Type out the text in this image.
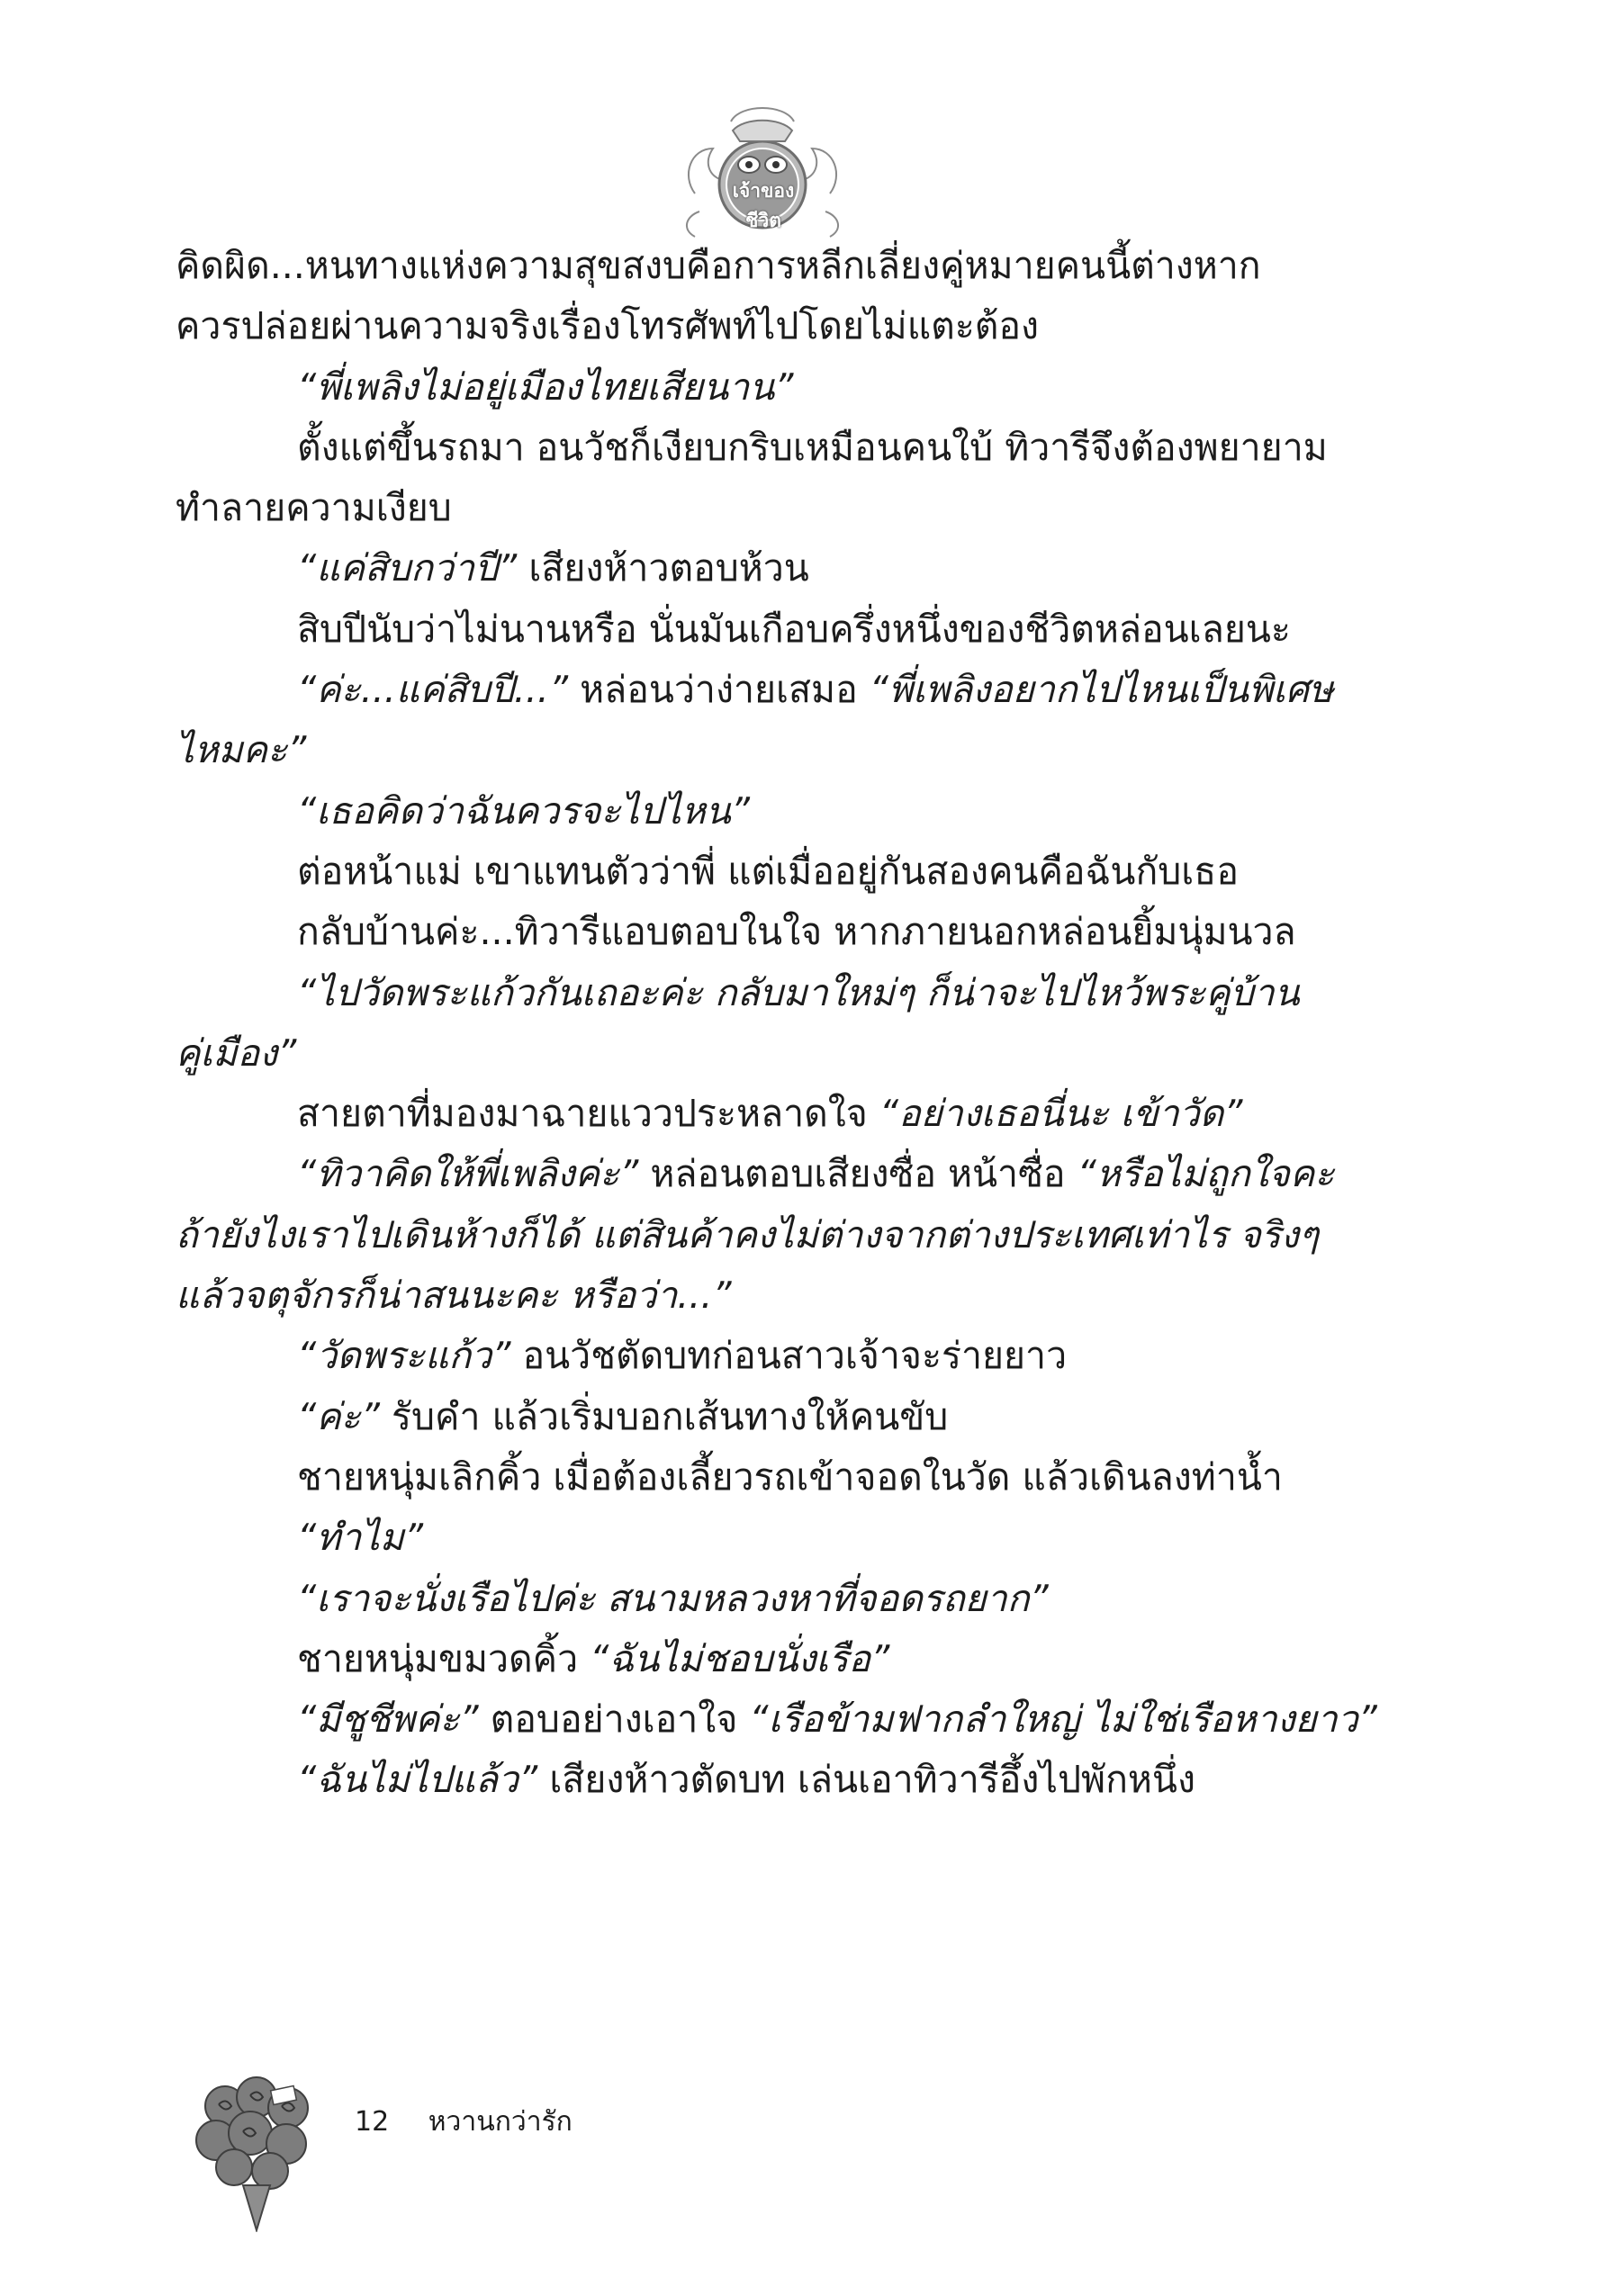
เจ้าของชีวิต

คิดผิด...หนทางแห่งความสุขสงบคือการหลีกเลี่ยงคู่หมายคนนี้ต่างหาก

ควรปล่อยผ่านความจริงเรื่องโทรศัพท์ไปโดยไม่แตะต้อง

“พี่เพลิงไม่อยู่เมืองไทยเสียนาน”

ตั้งแต่ขึ้นรถมา อนวัชก็เงียบกริบเหมือนคนใบ้ ทิวารีจึงต้องพยายาม

ทำลายความเงียบ

“แค่สิบกว่าปี” เสียงห้าวตอบห้วน

สิบปีนับว่าไม่นานหรือ นั่นมันเกือบครึ่งหนึ่งของชีวิตหล่อนเลยนะ

“ค่ะ...แค่สิบปี...” หล่อนว่าง่ายเสมอ “พี่เพลิงอยากไปไหนเป็นพิเศษ

ไหมคะ”

“เธอคิดว่าฉันควรจะไปไหน”

ต่อหน้าแม่ เขาแทนตัวว่าพี่ แต่เมื่ออยู่กันสองคนคือฉันกับเธอ

กลับบ้านค่ะ...ทิวารีแอบตอบในใจ หากภายนอกหล่อนยิ้มนุ่มนวล

“ไปวัดพระแก้วกันเถอะค่ะ กลับมาใหม่ๆ ก็น่าจะไปไหว้พระคู่บ้าน

คู่เมือง”

สายตาที่มองมาฉายแววประหลาดใจ “อย่างเธอนี่นะ เข้าวัด”

“ทิวาคิดให้พี่เพลิงค่ะ” หล่อนตอบเสียงซื่อ หน้าซื่อ “หรือไม่ถูกใจคะ

ถ้ายังไงเราไปเดินห้างก็ได้ แต่สินค้าคงไม่ต่างจากต่างประเทศเท่าไร จริงๆ

แล้วจตุจักรก็น่าสนนะคะ หรือว่า...”

“วัดพระแก้ว” อนวัชตัดบทก่อนสาวเจ้าจะร่ายยาว

“ค่ะ” รับคำ แล้วเริ่มบอกเส้นทางให้คนขับ

ชายหนุ่มเลิกคิ้ว เมื่อต้องเลี้ยวรถเข้าจอดในวัด แล้วเดินลงท่าน้ำ

“ทำไม”

“เราจะนั่งเรือไปค่ะ สนามหลวงหาที่จอดรถยาก”

ชายหนุ่มขมวดคิ้ว “ฉันไม่ชอบนั่งเรือ”

“มีชูชีพค่ะ” ตอบอย่างเอาใจ “เรือข้ามฟากลำใหญ่ ไม่ใช่เรือหางยาว”

“ฉันไม่ไปแล้ว” เสียงห้าวตัดบท เล่นเอาทิวารีอึ้งไปพักหนึ่ง

12 หวานกว่ารัก
